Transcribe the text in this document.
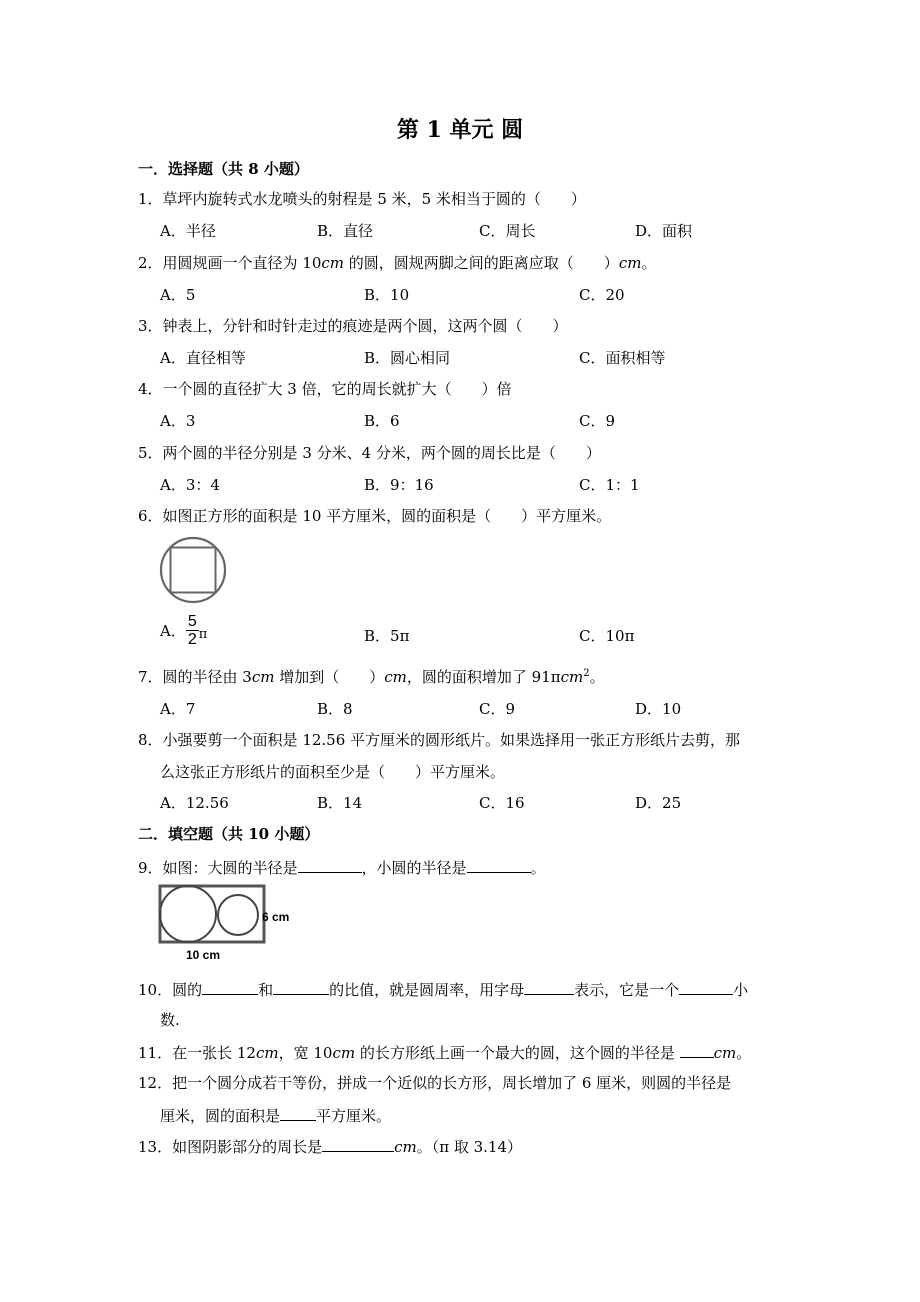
第 1 单元 圆
一．选择题（共 8 小题）
1．草坪内旋转式水龙喷头的射程是 5 米，5 米相当于圆的（　　）
A．半径	B．直径	C．周长	D．面积
2．用圆规画一个直径为 10cm 的圆，圆规两脚之间的距离应取（　　）cm。
A．5	B．10	C．20
3．钟表上，分针和时针走过的痕迹是两个圆，这两个圆（　　）
A．直径相等	B．圆心相同	C．面积相等
4．一个圆的直径扩大 3 倍，它的周长就扩大（　　）倍
A．3	B．6	C．9
5．两个圆的半径分别是 3 分米、4 分米，两个圆的周长比是（　　）
A．3：4	B．9：16	C．1：1
6．如图正方形的面积是 10 平方厘米，圆的面积是（　　）平方厘米。
A． $\frac{5}{2}$ π	B．5π	C．10π
7．圆的半径由 3cm 增加到（　　）cm，圆的面积增加了 91πcm$^2$。
A．7	B．8	C．9	D．10
8．小强要剪一个面积是 12.56 平方厘米的圆形纸片。如果选择用一张正方形纸片去剪，那
么这张正方形纸片的面积至少是（　　）平方厘米。
A．12.56	B．14	C．16	D．25
二．填空题（共 10 小题）
9．如图：大圆的半径是	，小圆的半径是	。
6 cm
10 cm
10．圆的	和	的比值，就是圆周率，用字母	表示，它是一个	小
数.
11．在一张长 12cm，宽 10cm 的长方形纸上画一个最大的圆，这个圆的半径是 cm。
12．把一个圆分成若干等份，拼成一个近似的长方形，周长增加了 6 厘米，则圆的半径是
厘米，圆的面积是 平方厘米。
13．如图阴影部分的周长是	cm。（π 取 3.14）
